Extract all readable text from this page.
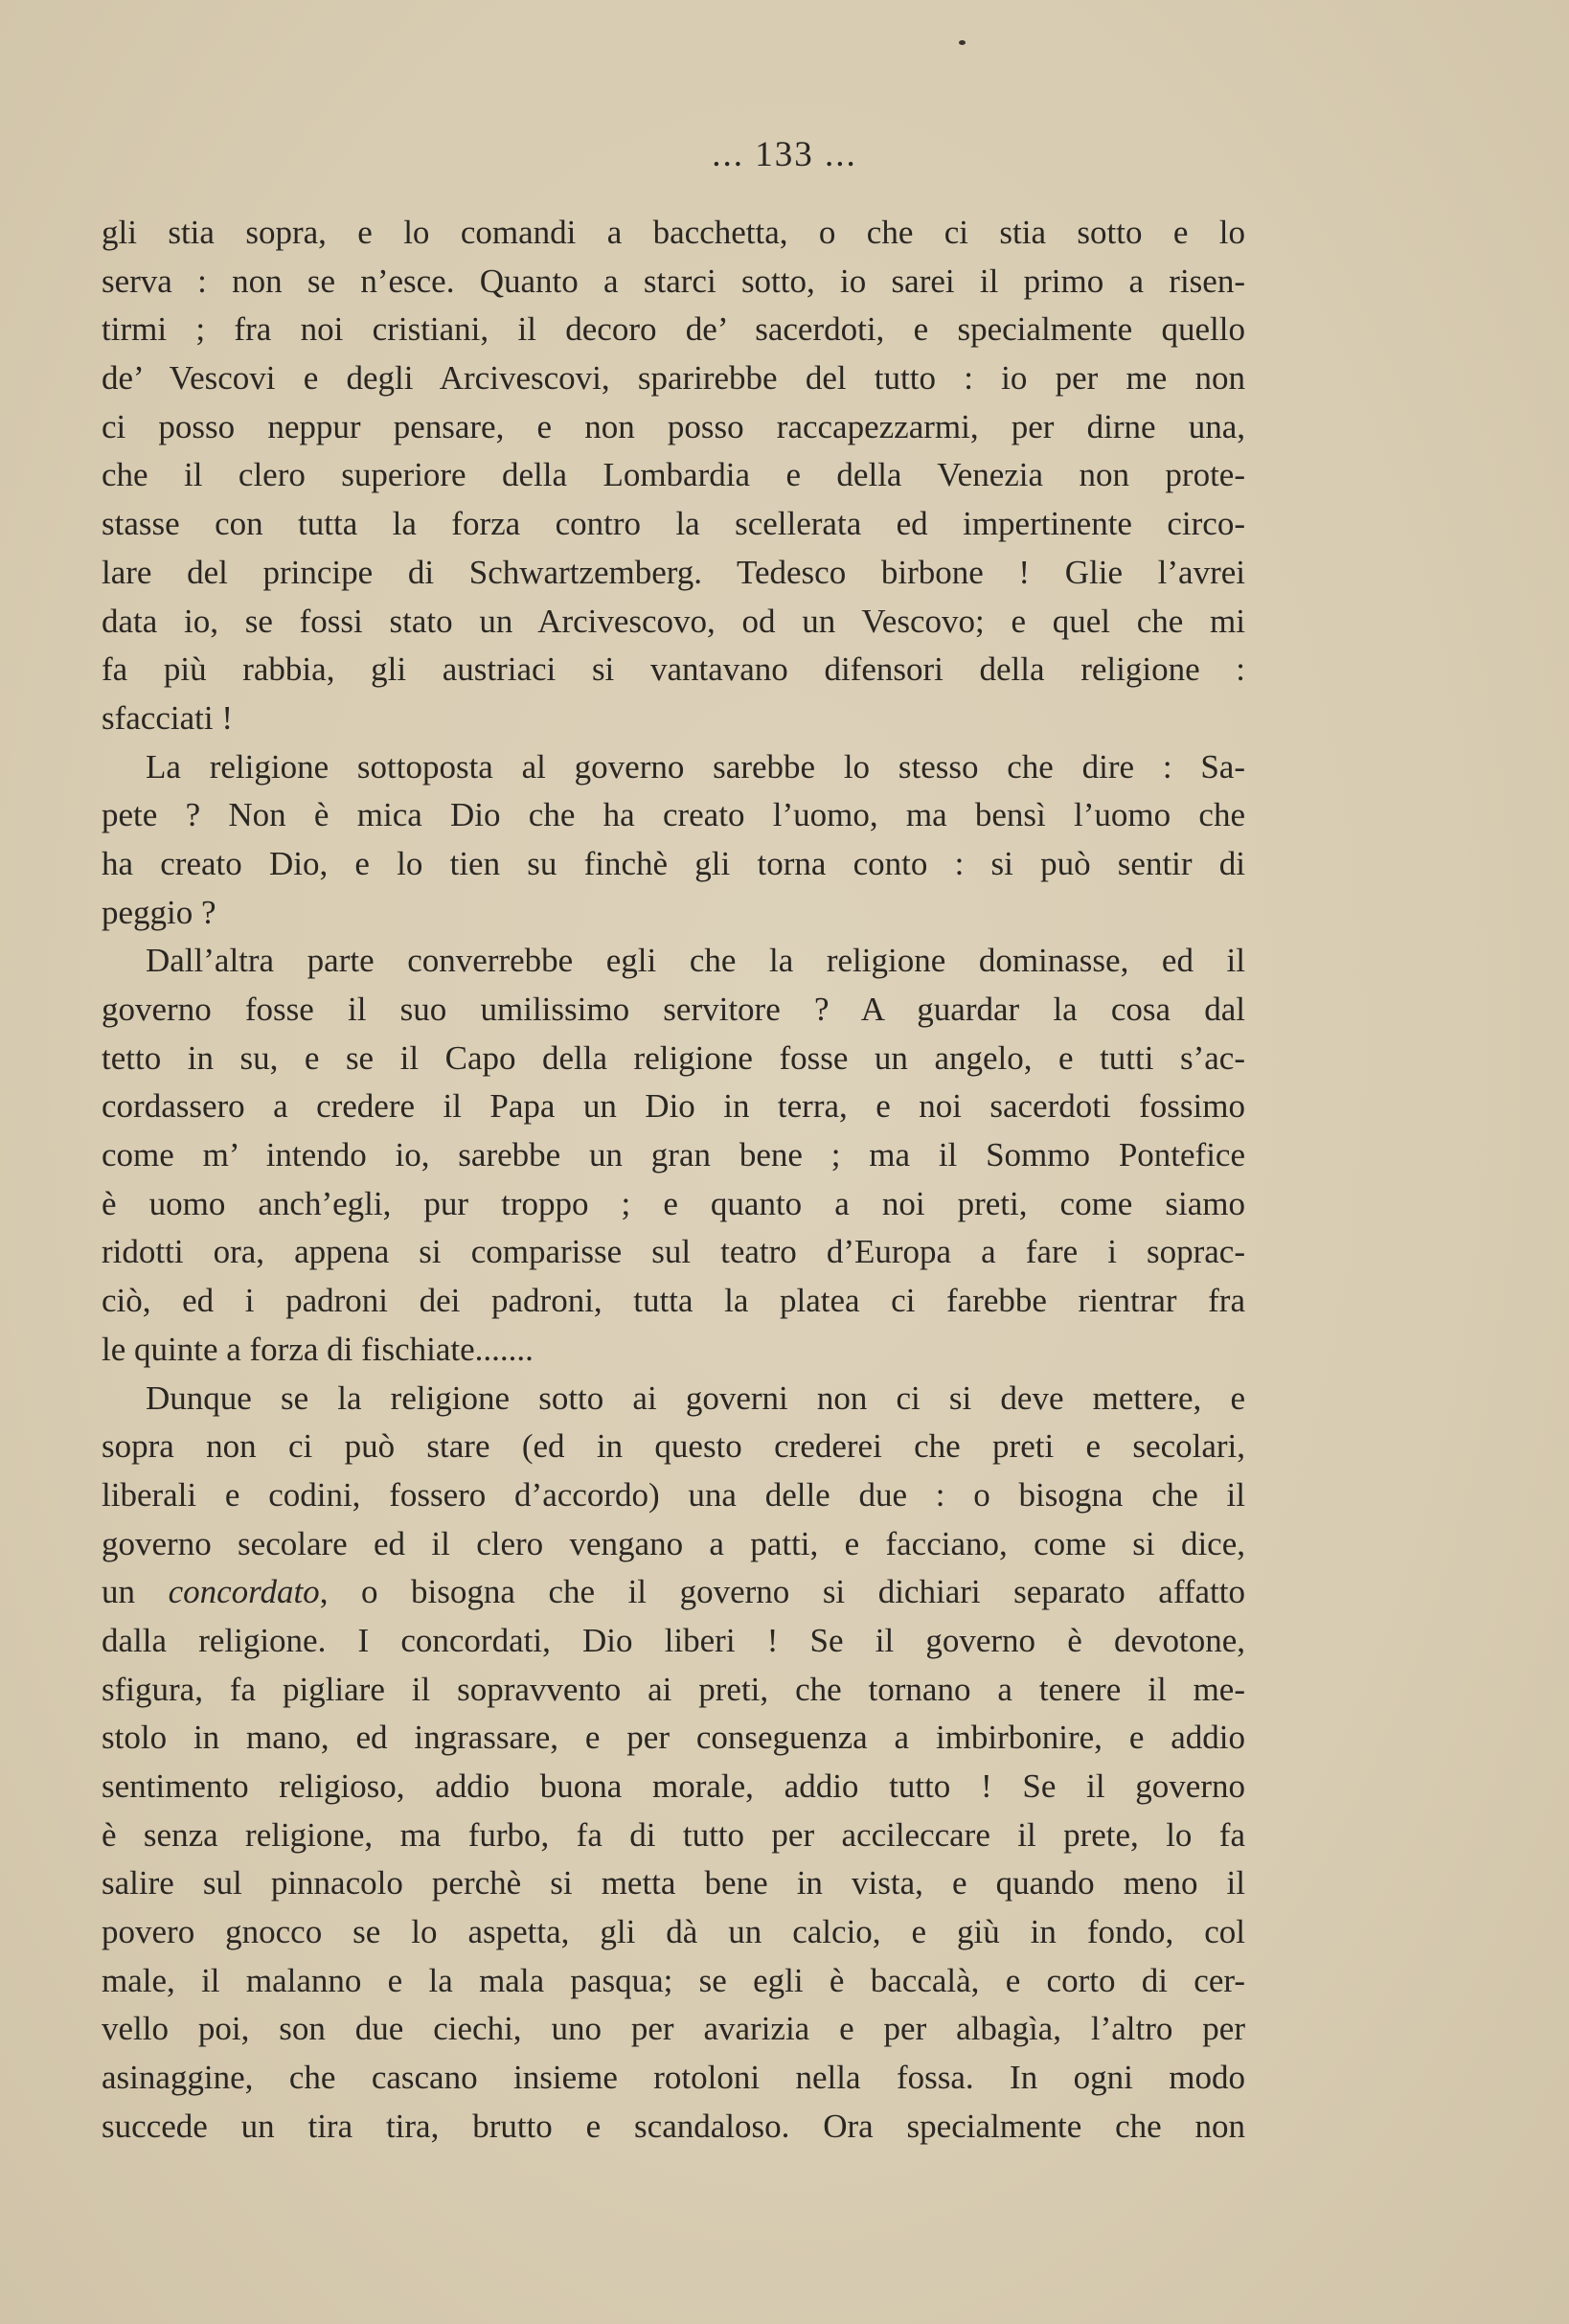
... 133 ...
gli stia sopra, e lo comandi a bacchetta, o che ci stia sotto e lo
serva : non se n’esce. Quanto a starci sotto, io sarei il primo a risen-
tirmi ; fra noi cristiani, il decoro de’ sacerdoti, e specialmente quello
de’ Vescovi e degli Arcivescovi, sparirebbe del tutto : io per me non
ci posso neppur pensare, e non posso raccapezzarmi, per dirne una,
che il clero superiore della Lombardia e della Venezia non prote-
stasse con tutta la forza contro la scellerata ed impertinente circo-
lare del principe di Schwartzemberg. Tedesco birbone ! Glie l’avrei
data io, se fossi stato un Arcivescovo, od un Vescovo; e quel che mi
fa più rabbia, gli austriaci si vantavano difensori della religione :
sfacciati !
La religione sottoposta al governo sarebbe lo stesso che dire : Sa-
pete ? Non è mica Dio che ha creato l’uomo, ma bensì l’uomo che
ha creato Dio, e lo tien su finchè gli torna conto : si può sentir di
peggio ?
Dall’altra parte converrebbe egli che la religione dominasse, ed il
governo fosse il suo umilissimo servitore ? A guardar la cosa dal
tetto in su, e se il Capo della religione fosse un angelo, e tutti s’ac-
cordassero a credere il Papa un Dio in terra, e noi sacerdoti fossimo
come m’ intendo io, sarebbe un gran bene ; ma il Sommo Pontefice
è uomo anch’egli, pur troppo ; e quanto a noi preti, come siamo
ridotti ora, appena si comparisse sul teatro d’Europa a fare i soprac-
ciò, ed i padroni dei padroni, tutta la platea ci farebbe rientrar fra
le quinte a forza di fischiate.......
Dunque se la religione sotto ai governi non ci si deve mettere, e
sopra non ci può stare (ed in questo crederei che preti e secolari,
liberali e codini, fossero d’accordo) una delle due : o bisogna che il
governo secolare ed il clero vengano a patti, e facciano, come si dice,
un concordato, o bisogna che il governo si dichiari separato affatto
dalla religione. I concordati, Dio liberi ! Se il governo è devotone,
sfigura, fa pigliare il sopravvento ai preti, che tornano a tenere il me-
stolo in mano, ed ingrassare, e per conseguenza a imbirbonire, e addio
sentimento religioso, addio buona morale, addio tutto ! Se il governo
è senza religione, ma furbo, fa di tutto per accileccare il prete, lo fa
salire sul pinnacolo perchè si metta bene in vista, e quando meno il
povero gnocco se lo aspetta, gli dà un calcio, e giù in fondo, col
male, il malanno e la mala pasqua; se egli è baccalà, e corto di cer-
vello poi, son due ciechi, uno per avarizia e per albagìa, l’altro per
asinaggine, che cascano insieme rotoloni nella fossa. In ogni modo
succede un tira tira, brutto e scandaloso. Ora specialmente che non
